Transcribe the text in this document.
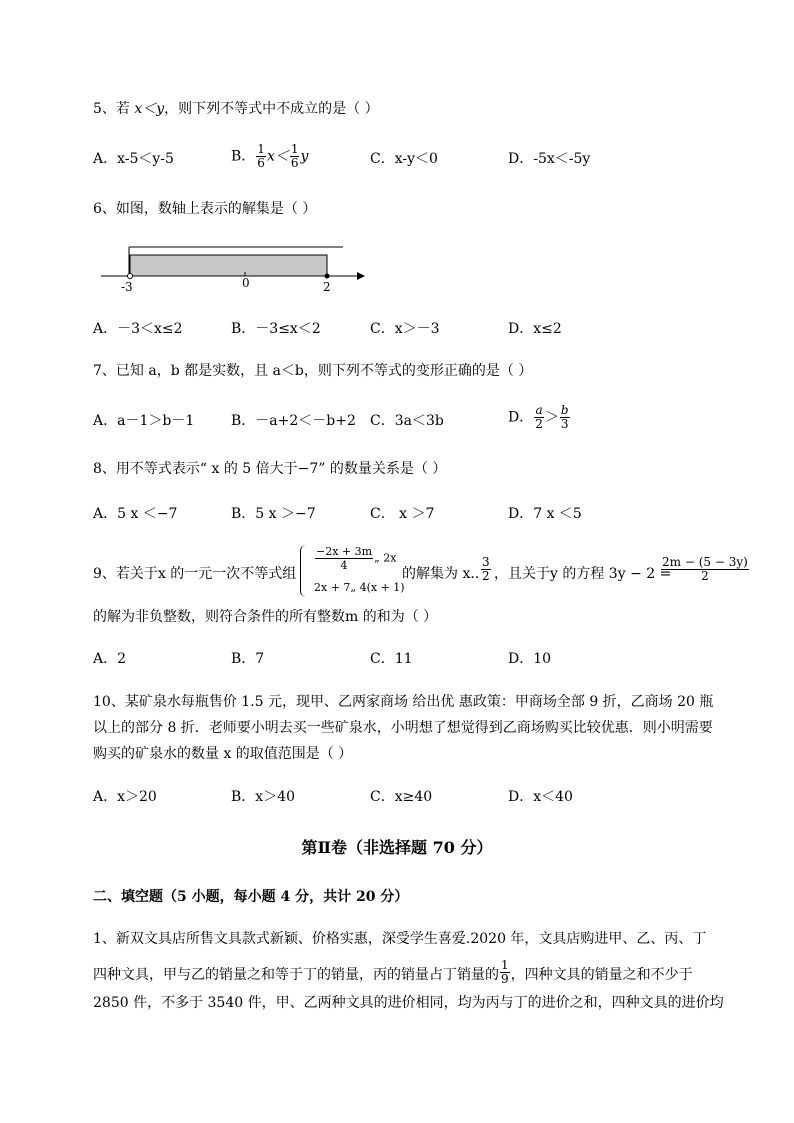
5、若 x＜y，则下列不等式中不成立的是（ ）
A．x-5＜y-5	B． $\frac{1}{6} x< \frac{1}{6}$ y	C．x-y＜0	D．-5x＜-5y
6、如图，数轴上表示的解集是（ ）
-3	0	2
A．－3＜x≤2	B．－3≤x＜2	C．x＞－3	D．x≤2
7、已知 a，b 都是实数，且 a＜b，则下列不等式的变形正确的是（ ）
A．a－1＞b－1	B．－a+2＜－b+2 C．3a＜3b	D． $\frac{a}{2} > \frac{b}{3}$
8、用不等式表示“ x 的 5 倍大于−7” 的数量关系是（ ）
A．5 x ＜−7	B．5 x ＞−7	C． x ＞7	D．7 x ＜5
9、若关于x 的一元一次不等式组
$\frac{-2x + 3m}{4}$ „ 2x
2x + 7„ 4(x + 1)
的解集为 x.. $\frac{3}{2}$ ，且关于y 的方程 3y − 2 =
$\frac{2m - (5 - 3y)}{2}$
的解为非负整数，则符合条件的所有整数m 的和为（ ）
A．2	B．7	C．11	D．10
10、某矿泉水每瓶售价 1.5 元，现甲、乙两家商场 给出优 惠政策：甲商场全部 9 折，乙商场 20 瓶
以上的部分 8 折．老师要小明去买一些矿泉水，小明想了想觉得到乙商场购买比较优惠．则小明需要
购买的矿泉水的数量 x 的取值范围是（ ）
A．x＞20	B．x＞40	C．x≥40	D．x＜40
第Ⅱ卷（非选择题 70 分）
二、填空题（5 小题，每小题 4 分，共计 20 分）
1、新双文具店所售文具款式新颖、价格实惠，深受学生喜爱.2020 年，文具店购进甲、乙、丙、丁
四种文具，甲与乙的销量之和等于丁的销量，丙的销量占丁销量的 $\frac{1}{9}$ ，四种文具的销量之和不少于
2850 件，不多于 3540 件，甲、乙两种文具的进价相同，均为丙与丁的进价之和，四种文具的进价均
